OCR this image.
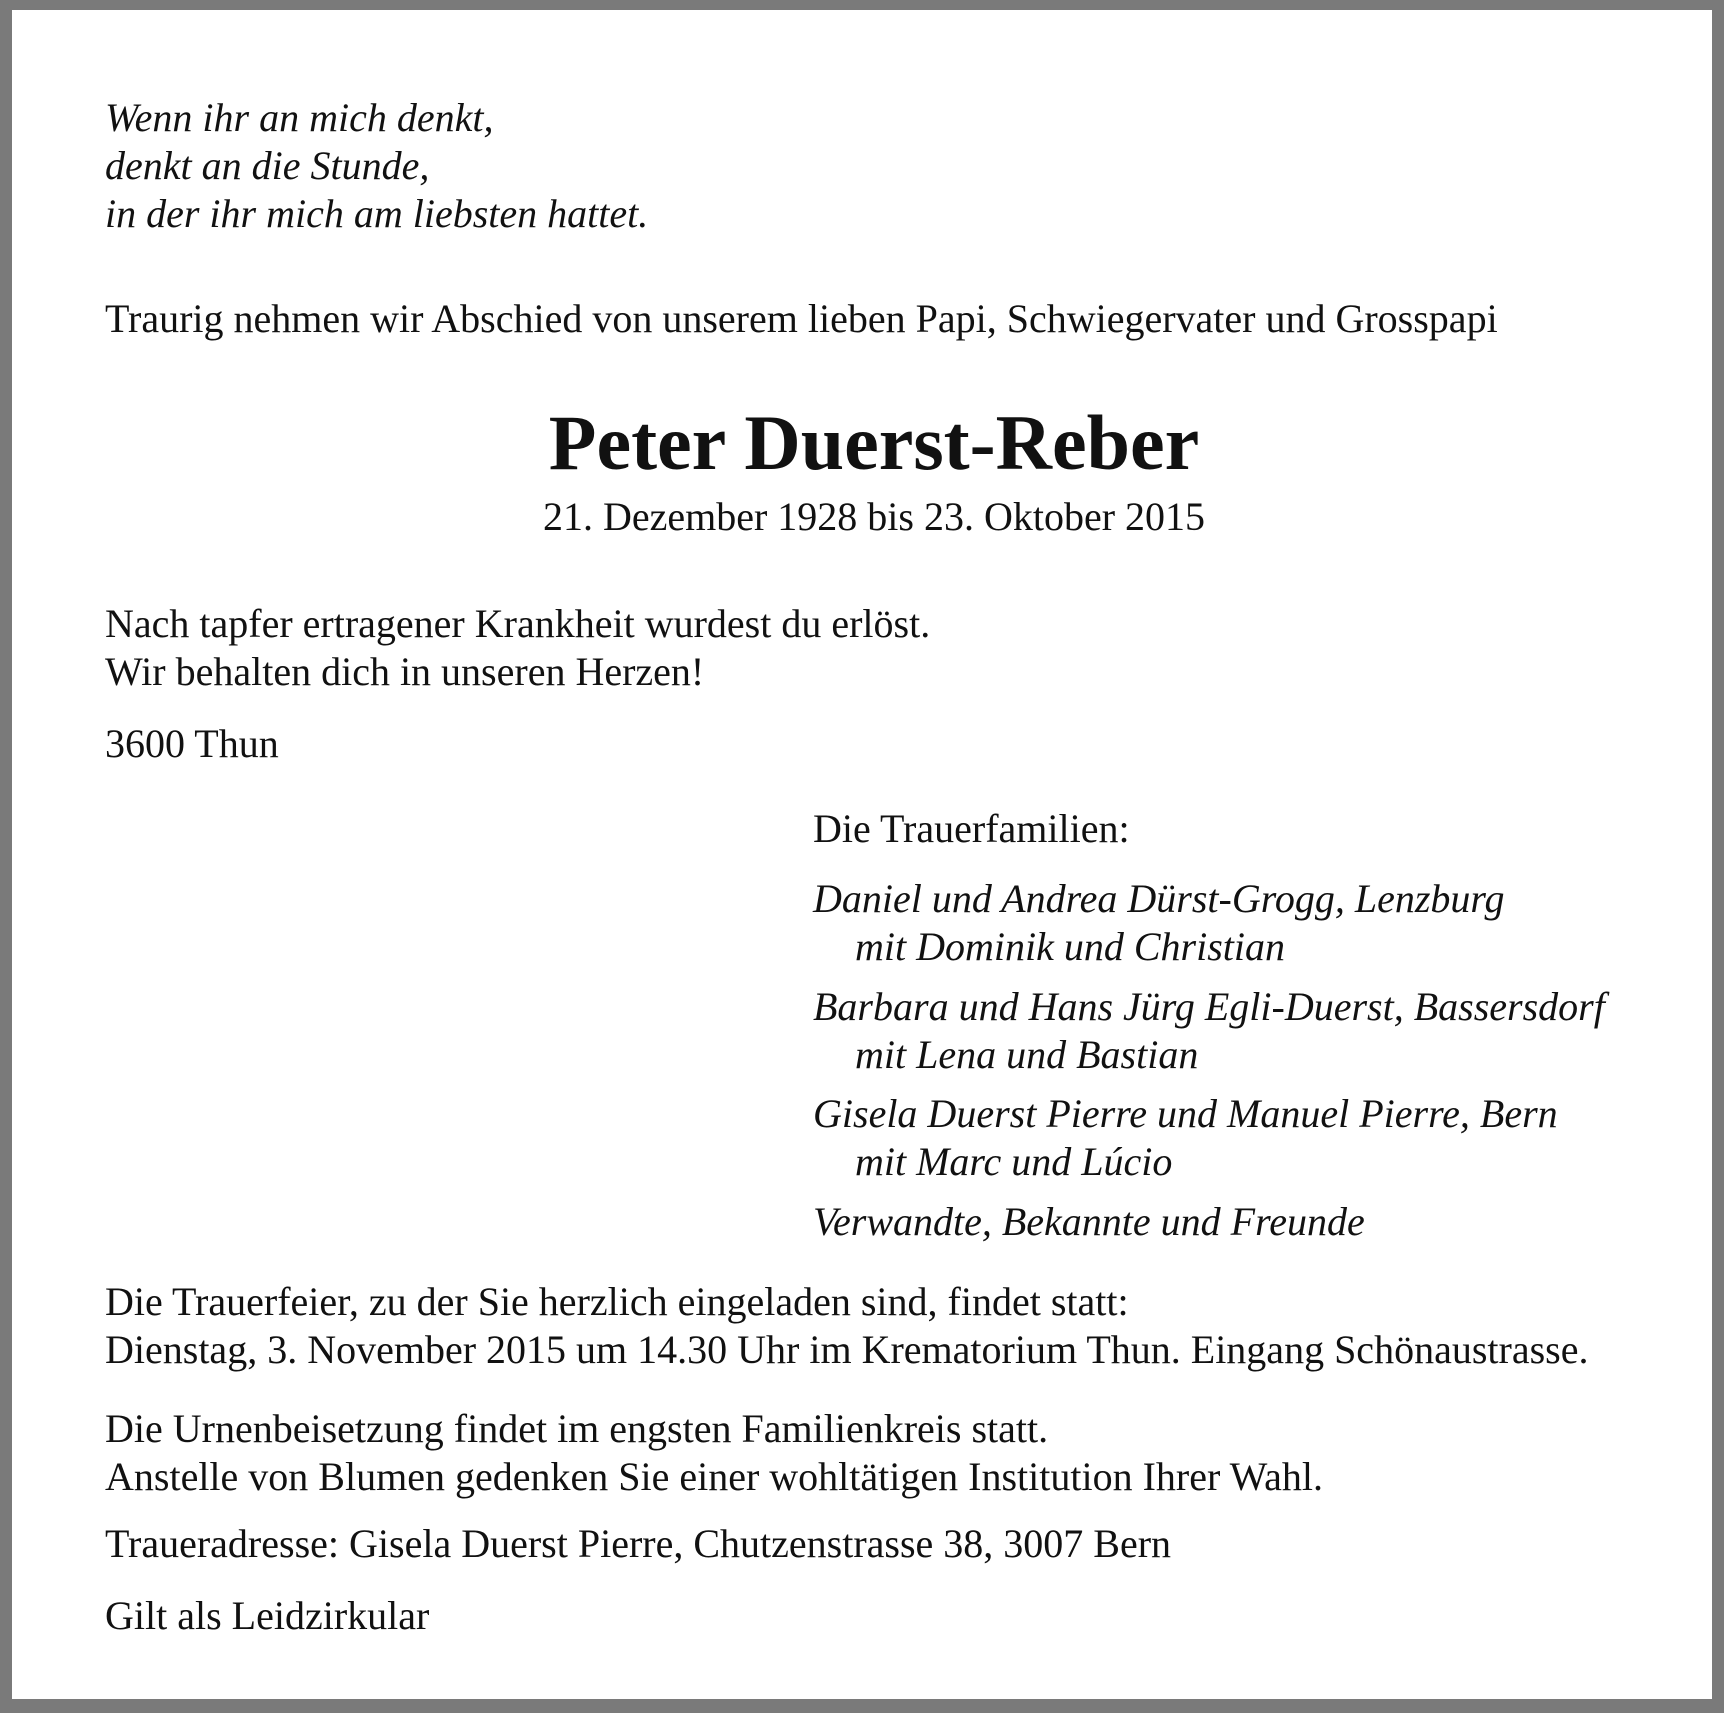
Wenn ihr an mich denkt,
denkt an die Stunde,
in der ihr mich am liebsten hattet.
Traurig nehmen wir Abschied von unserem lieben Papi, Schwiegervater und Grosspapi
Peter Duerst-Reber
21. Dezember 1928 bis 23. Oktober 2015
Nach tapfer ertragener Krankheit wurdest du erlöst.
Wir behalten dich in unseren Herzen!
3600 Thun
Die Trauerfamilien:
Daniel und Andrea Dürst-Grogg, Lenzburg
mit Dominik und Christian
Barbara und Hans Jürg Egli-Duerst, Bassersdorf
mit Lena und Bastian
Gisela Duerst Pierre und Manuel Pierre, Bern
mit Marc und Lúcio
Verwandte, Bekannte und Freunde
Die Trauerfeier, zu der Sie herzlich eingeladen sind, findet statt:
Dienstag, 3. November 2015 um 14.30 Uhr im Krematorium Thun. Eingang Schönaustrasse.
Die Urnenbeisetzung findet im engsten Familienkreis statt.
Anstelle von Blumen gedenken Sie einer wohltätigen Institution Ihrer Wahl.
Traueradresse: Gisela Duerst Pierre, Chutzenstrasse 38, 3007 Bern
Gilt als Leidzirkular
